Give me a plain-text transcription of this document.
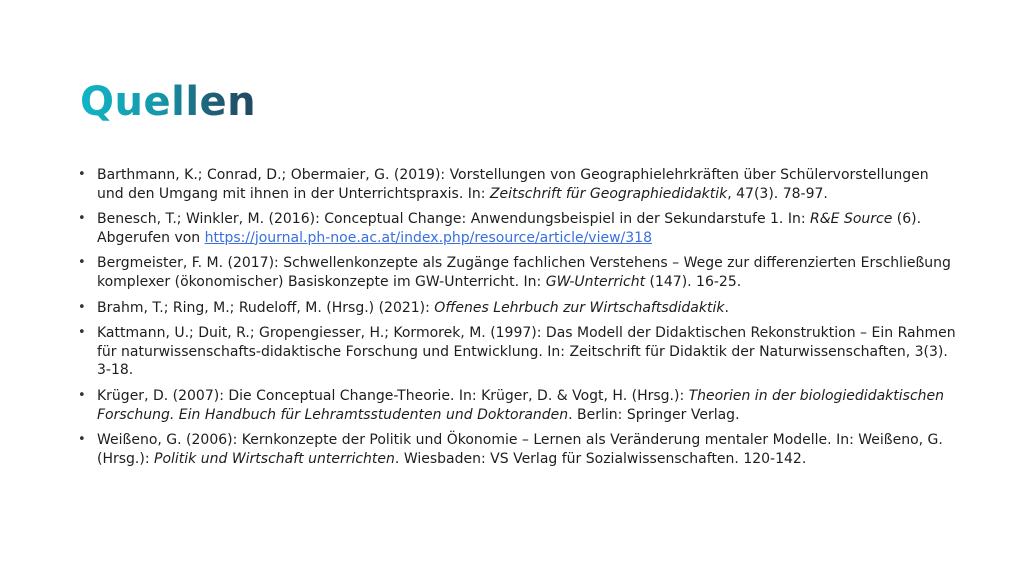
Quellen
• Barthmann, K.; Conrad, D.; Obermaier, G. (2019): Vorstellungen von Geographielehrkräften über Schülervorstellungen und den Umgang mit ihnen in der Unterrichtspraxis. In: Zeitschrift für Geographiedidaktik, 47(3). 78-97.
• Benesch, T.; Winkler, M. (2016): Conceptual Change: Anwendungsbeispiel in der Sekundarstufe 1. In: R&E Source (6). Abgerufen von https://journal.ph-noe.ac.at/index.php/resource/article/view/318
• Bergmeister, F. M. (2017): Schwellenkonzepte als Zugänge fachlichen Verstehens – Wege zur differenzierten Erschließung komplexer (ökonomischer) Basiskonzepte im GW-Unterricht. In: GW-Unterricht (147). 16-25.
• Brahm, T.; Ring, M.; Rudeloff, M. (Hrsg.) (2021): Offenes Lehrbuch zur Wirtschaftsdidaktik.
• Kattmann, U.; Duit, R.; Gropengiesser, H.; Kormorek, M. (1997): Das Modell der Didaktischen Rekonstruktion – Ein Rahmen für naturwissenschafts-didaktische Forschung und Entwicklung. In: Zeitschrift für Didaktik der Naturwissenschaften, 3(3). 3-18.
• Krüger, D. (2007): Die Conceptual Change-Theorie. In: Krüger, D. & Vogt, H. (Hrsg.): Theorien in der biologiedidaktischen Forschung. Ein Handbuch für Lehramtsstudenten und Doktoranden. Berlin: Springer Verlag.
• Weißeno, G. (2006): Kernkonzepte der Politik und Ökonomie – Lernen als Veränderung mentaler Modelle. In: Weißeno, G. (Hrsg.): Politik und Wirtschaft unterrichten. Wiesbaden: VS Verlag für Sozialwissenschaften. 120-142.
